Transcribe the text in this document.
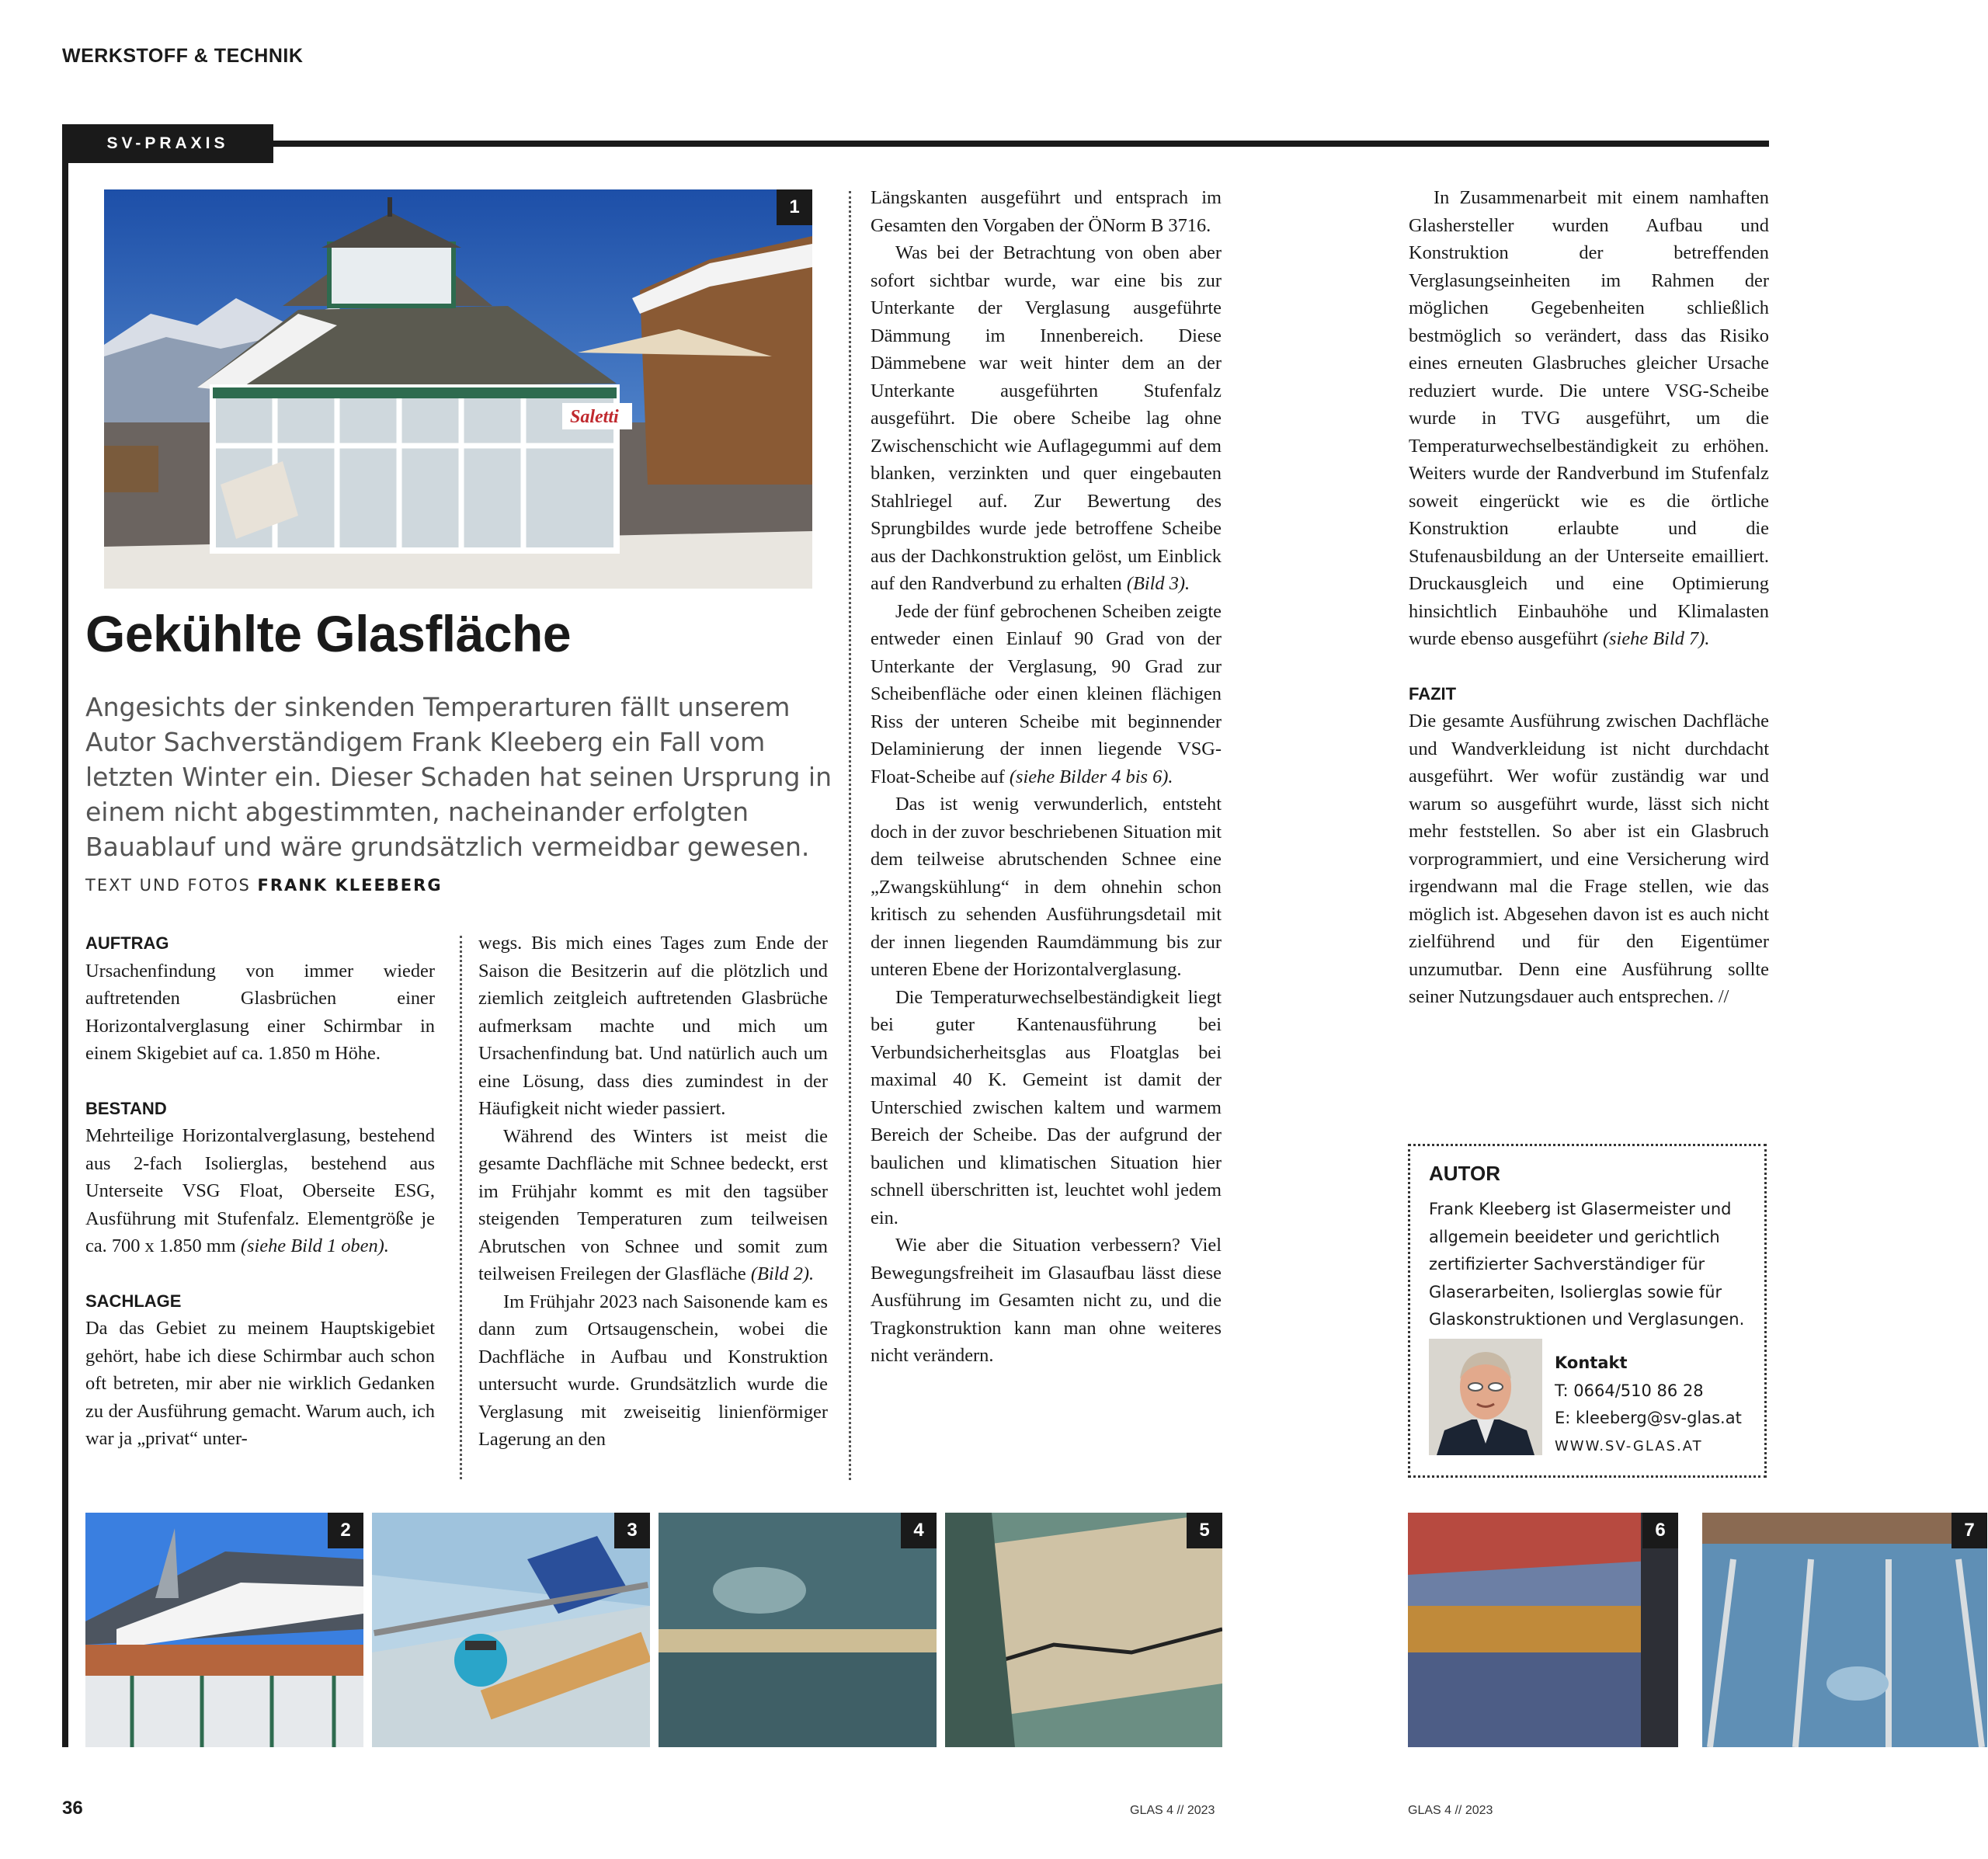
WERKSTOFF & TECHNIK
SV-PRAXIS
Saletti
1
Gekühlte Glasfläche
Angesichts der sinkenden Temperarturen fällt unserem Autor Sachverständigem Frank Kleeberg ein Fall vom letzten Winter ein. Dieser Schaden hat seinen Ursprung in einem nicht abgestimmten, nacheinander erfolgten Bauablauf und wäre grundsätzlich vermeidbar gewesen.  TEXT UND FOTOS FRANK KLEEBERG
AUFTRAG

Ursachenfindung von immer wieder auftretenden Glasbrüchen einer Horizontalverglasung einer Schirmbar in einem Skigebiet auf ca. 1.850 m Höhe.

BESTAND

Mehrteilige Horizontalverglasung, bestehend aus 2-fach Isolierglas, bestehend aus Unterseite VSG Float, Oberseite ESG, Ausführung mit Stufenfalz. Elementgröße je ca. 700 x 1.850 mm (siehe Bild 1 oben).

SACHLAGE

Da das Gebiet zu meinem Hauptskigebiet gehört, habe ich diese Schirmbar auch schon oft betreten, mir aber nie wirklich Gedanken zu der Ausführung gemacht. Warum auch, ich war ja „privat“ unter-

wegs. Bis mich eines Tages zum Ende der Saison die Besitzerin auf die plötzlich und ziemlich zeitgleich auftretenden Glasbrüche aufmerksam machte und mich um Ursachenfindung bat. Und natürlich auch um eine Lösung, dass dies zumindest in der Häufigkeit nicht wieder passiert.

Während des Winters ist meist die gesamte Dachfläche mit Schnee bedeckt, erst im Frühjahr kommt es mit den tagsüber steigenden Temperaturen zum teilweisen Abrutschen von Schnee und somit zum teilweisen Freilegen der Glasfläche (Bild 2).

Im Frühjahr 2023 nach Saisonende kam es dann zum Ortsaugenschein, wobei die Dachfläche in Aufbau und Konstruktion untersucht wurde. Grundsätzlich wurde die Verglasung mit zweiseitig linienförmiger Lagerung an den

Längskanten ausgeführt und entsprach im Gesamten den Vorgaben der ÖNorm B 3716.

Was bei der Betrachtung von oben aber sofort sichtbar wurde, war eine bis zur Unterkante der Verglasung ausgeführte Dämmung im Innenbereich. Diese Dämmebene war weit hinter dem an der Unterkante ausgeführten Stufenfalz ausgeführt. Die obere Scheibe lag ohne Zwischenschicht wie Auflagegummi auf dem blanken, verzinkten und quer eingebauten Stahlriegel auf. Zur Bewertung des Sprungbildes wurde jede betroffene Scheibe aus der Dachkonstruktion gelöst, um Einblick auf den Randverbund zu erhalten (Bild 3).

Jede der fünf gebrochenen Scheiben zeigte entweder einen Einlauf 90 Grad von der Unterkante der Verglasung, 90 Grad zur Scheibenfläche oder einen kleinen flächigen Riss der unteren Scheibe mit beginnender Delaminierung der innen liegende VSG-Float-Scheibe auf (siehe Bilder 4 bis 6).

Das ist wenig verwunderlich, entsteht doch in der zuvor beschriebenen Situation mit dem teilweise abrutschenden Schnee eine „Zwangskühlung“ in dem ohnehin schon kritisch zu sehenden Ausführungsdetail mit der innen liegenden Raumdämmung bis zur unteren Ebene der Horizontalverglasung.

Die Temperaturwechselbeständigkeit liegt bei guter Kantenausführung bei Verbundsicherheitsglas aus Floatglas bei maximal 40 K. Gemeint ist damit der Unterschied zwischen kaltem und warmem Bereich der Scheibe. Das der aufgrund der baulichen und klimatischen Situation hier schnell überschritten ist, leuchtet wohl jedem ein.

Wie aber die Situation verbessern? Viel Bewegungsfreiheit im Glasaufbau lässt diese Ausführung im Gesamten nicht zu, und die Tragkonstruktion kann man ohne weiteres nicht verändern.

In Zusammenarbeit mit einem namhaften Glashersteller wurden Aufbau und Konstruktion der betreffenden Verglasungseinheiten im Rahmen der möglichen Gegebenheiten schließlich bestmöglich so verändert, dass das Risiko eines erneuten Glasbruches gleicher Ursache reduziert wurde. Die untere VSG-Scheibe wurde in TVG ausgeführt, um die Temperaturwechselbeständigkeit zu erhöhen. Weiters wurde der Randverbund im Stufenfalz soweit eingerückt wie es die örtliche Konstruktion erlaubte und die Stufenausbildung an der Unterseite emailliert. Druckausgleich und eine Optimierung hinsichtlich Einbauhöhe und Klimalasten wurde ebenso ausgeführt (siehe Bild 7).

FAZIT

Die gesamte Ausführung zwischen Dachfläche und Wandverkleidung ist nicht durchdacht ausgeführt. Wer wofür zuständig war und warum so ausgeführt wurde, lässt sich nicht mehr feststellen. So aber ist ein Glasbruch vorprogrammiert, und eine Versicherung wird irgendwann mal die Frage stellen, wie das möglich ist. Abgesehen davon ist es auch nicht zielführend und für den Eigentümer unzumutbar. Denn eine Ausführung sollte seiner Nutzungsdauer auch entsprechen. //

AUTOR
Frank Kleeberg ist Glasermeister und allgemein beeideter und gerichtlich zertifizierter Sachverständiger für Glaserarbeiten, Isolierglas sowie für Glaskonstruktionen und Verglasungen.
Kontakt
T: 0664/510 86 28
E: kleeberg@sv-glas.at
WWW.SV-GLAS.AT
2	3	4	5	6	7
36	GLAS 4 // 2023	GLAS 4 // 2023
